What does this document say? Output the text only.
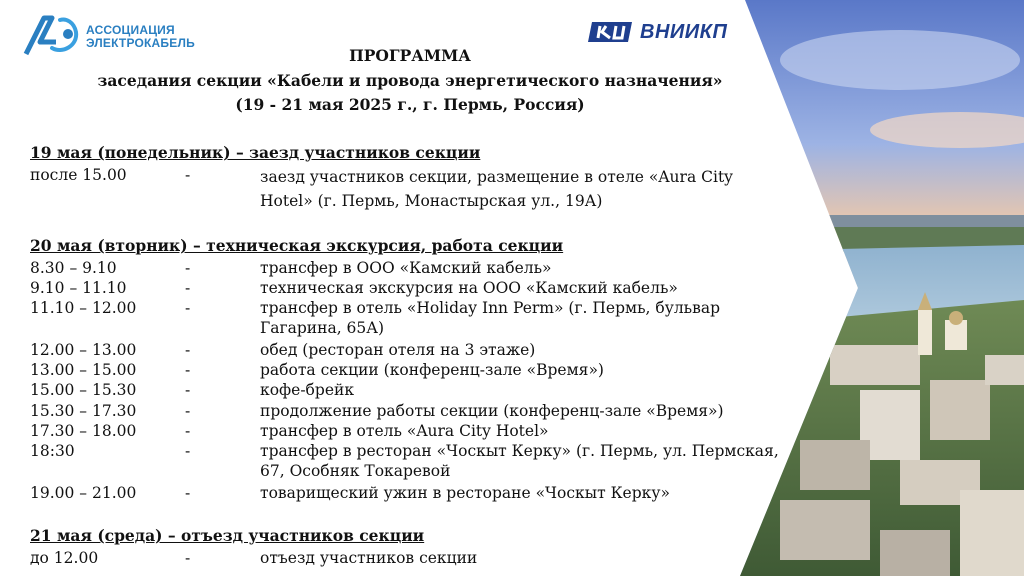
АССОЦИАЦИЯ
ЭЛЕКТРОКАБЕЛЬ	ВНИИКП
ПРОГРАММА
заседания секции «Кабели и провода энергетического назначения»
(19 - 21 мая 2025 г., г. Пермь, Россия)
19 мая (понедельник) – заезд участников секции
после 15.00	-	заезд участников секции, размещение в отеле «Aura City Hotel» (г. Пермь, Монастырская ул., 19А)
20 мая (вторник) – техническая экскурсия, работа секции
8.30 – 9.10	-	трансфер в ООО «Камский кабель»
9.10 – 11.10	-	техническая экскурсия на ООО «Камский кабель»
11.10 – 12.00	-	трансфер в отель «Holiday Inn Perm» (г. Пермь, бульвар Гагарина, 65А)
12.00 – 13.00	-	обед (ресторан отеля на 3 этаже)
13.00 – 15.00	-	работа секции (конференц-зале «Время»)
15.00 – 15.30	-	кофе-брейк
15.30 – 17.30	-	продолжение работы секции (конференц-зале «Время»)
17.30 – 18.00	-	трансфер в отель «Aura City Hotel»
18:30	-	трансфер в ресторан «Чоскыт Керку» (г. Пермь, ул. Пермская, 67, Особняк Токаревой
19.00 – 21.00	-	товарищеский ужин в ресторане «Чоскыт Керку»
21 мая (среда) – отъезд участников секции
до 12.00	-	отъезд участников секции
